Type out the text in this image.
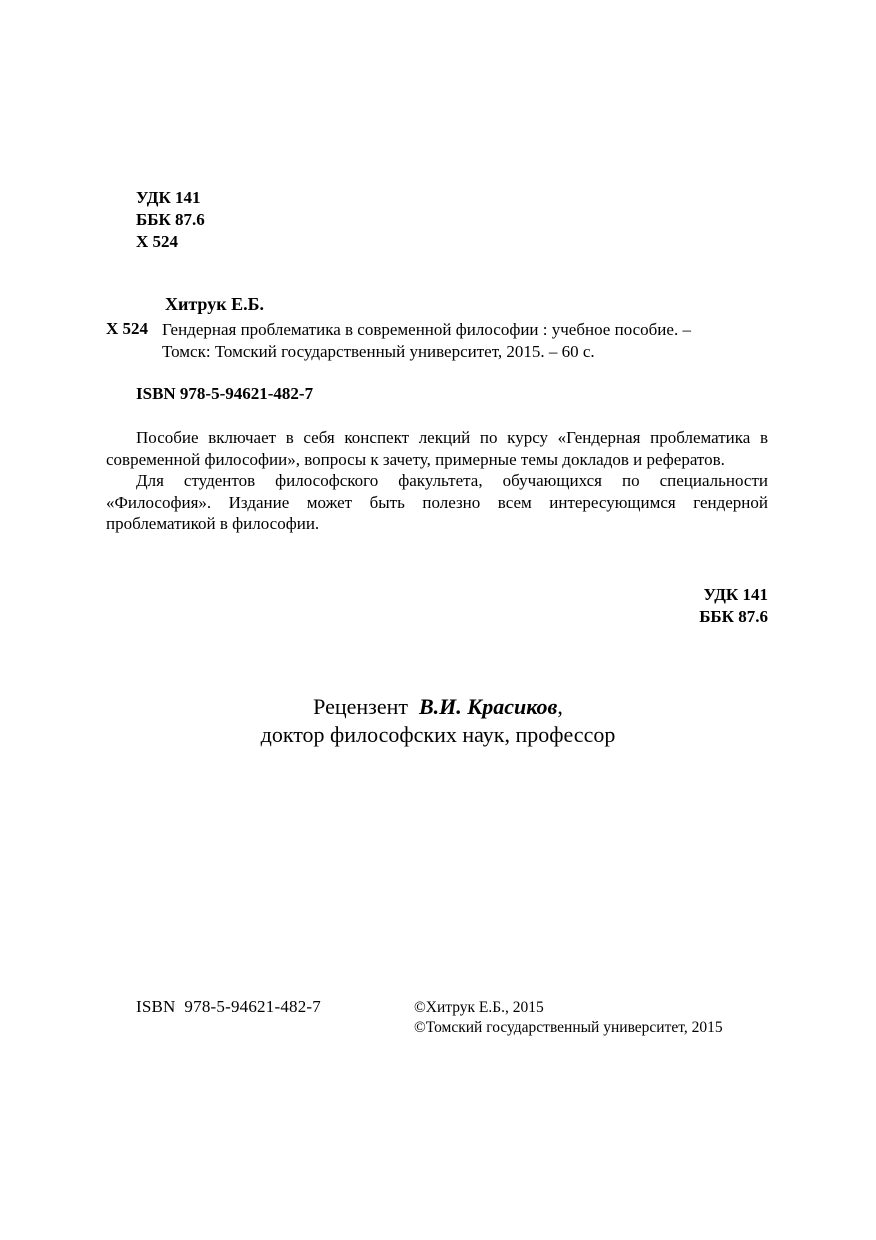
УДК 141
ББК 87.6
Х 524
Хитрук Е.Б.
Х 524 Гендерная проблематика в современной философии : учебное пособие. –
Томск: Томский государственный университет, 2015. – 60 с.
ISBN 978-5-94621-482-7

Пособие включает в себя конспект лекций по курсу «Гендерная проблематика в современной философии», вопросы к зачету, примерные темы докладов и рефератов.

Для студентов философского факультета, обучающихся по специальности «Философия». Издание может быть полезно всем интересующимся гендерной проблематикой в философии.

УДК 141
ББК 87.6
Рецензент В.И. Красиков,
доктор философских наук, профессор
ISBN  978-5-94621-482-7	©Хитрук Е.Б., 2015
©Томский государственный университет, 2015
